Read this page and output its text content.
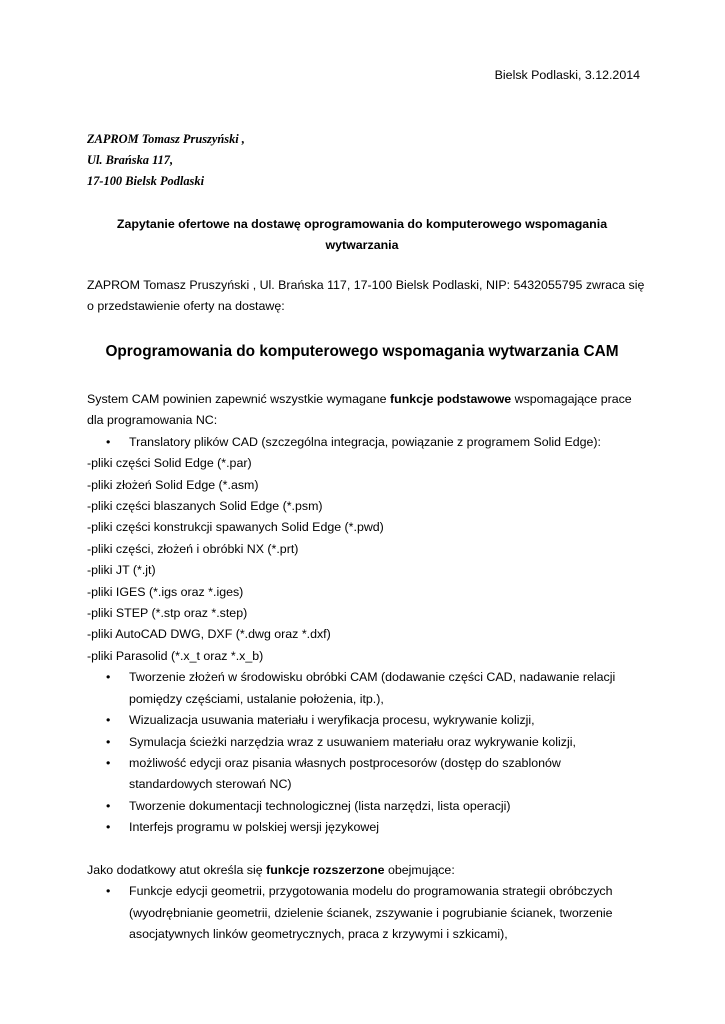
Bielsk Podlaski, 3.12.2014
ZAPROM Tomasz Pruszyński ,
Ul. Brańska 117,
17-100 Bielsk Podlaski
Zapytanie ofertowe na dostawę oprogramowania do komputerowego wspomagania
wytwarzania
ZAPROM Tomasz Pruszyński , Ul. Brańska 117, 17-100 Bielsk Podlaski, NIP: 5432055795 zwraca się
o przedstawienie oferty na dostawę:
Oprogramowania do komputerowego wspomagania wytwarzania CAM

System CAM powinien zapewnić wszystkie wymagane funkcje podstawowe wspomagające prace

dla programowania NC:

• Translatory plików CAD (szczególna integracja, powiązanie z programem Solid Edge):
-pliki części Solid Edge (*.par)
-pliki złożeń Solid Edge (*.asm)
-pliki części blaszanych Solid Edge (*.psm)
-pliki części konstrukcji spawanych Solid Edge (*.pwd)
-pliki części, złożeń i obróbki NX (*.prt)
-pliki JT (*.jt)
-pliki IGES (*.igs oraz *.iges)
-pliki STEP (*.stp oraz *.step)
-pliki AutoCAD DWG, DXF (*.dwg oraz *.dxf)
-pliki Parasolid (*.x_t oraz *.x_b)
• Tworzenie złożeń w środowisku obróbki CAM (dodawanie części CAD, nadawanie relacji
pomiędzy częściami, ustalanie położenia, itp.),
• Wizualizacja usuwania materiału i weryfikacja procesu, wykrywanie kolizji,
• Symulacja ścieżki narzędzia wraz z usuwaniem materiału oraz wykrywanie kolizji,
• możliwość edycji oraz pisania własnych postprocesorów (dostęp do szablonów
standardowych sterowań NC)
• Tworzenie dokumentacji technologicznej (lista narzędzi, lista operacji)
• Interfejs programu w polskiej wersji językowej

Jako dodatkowy atut określa się funkcje rozszerzone obejmujące:

• Funkcje edycji geometrii, przygotowania modelu do programowania strategii obróbczych
(wyodrębnianie geometrii, dzielenie ścianek, zszywanie i pogrubianie ścianek, tworzenie
asocjatywnych linków geometrycznych, praca z krzywymi i szkicami),
